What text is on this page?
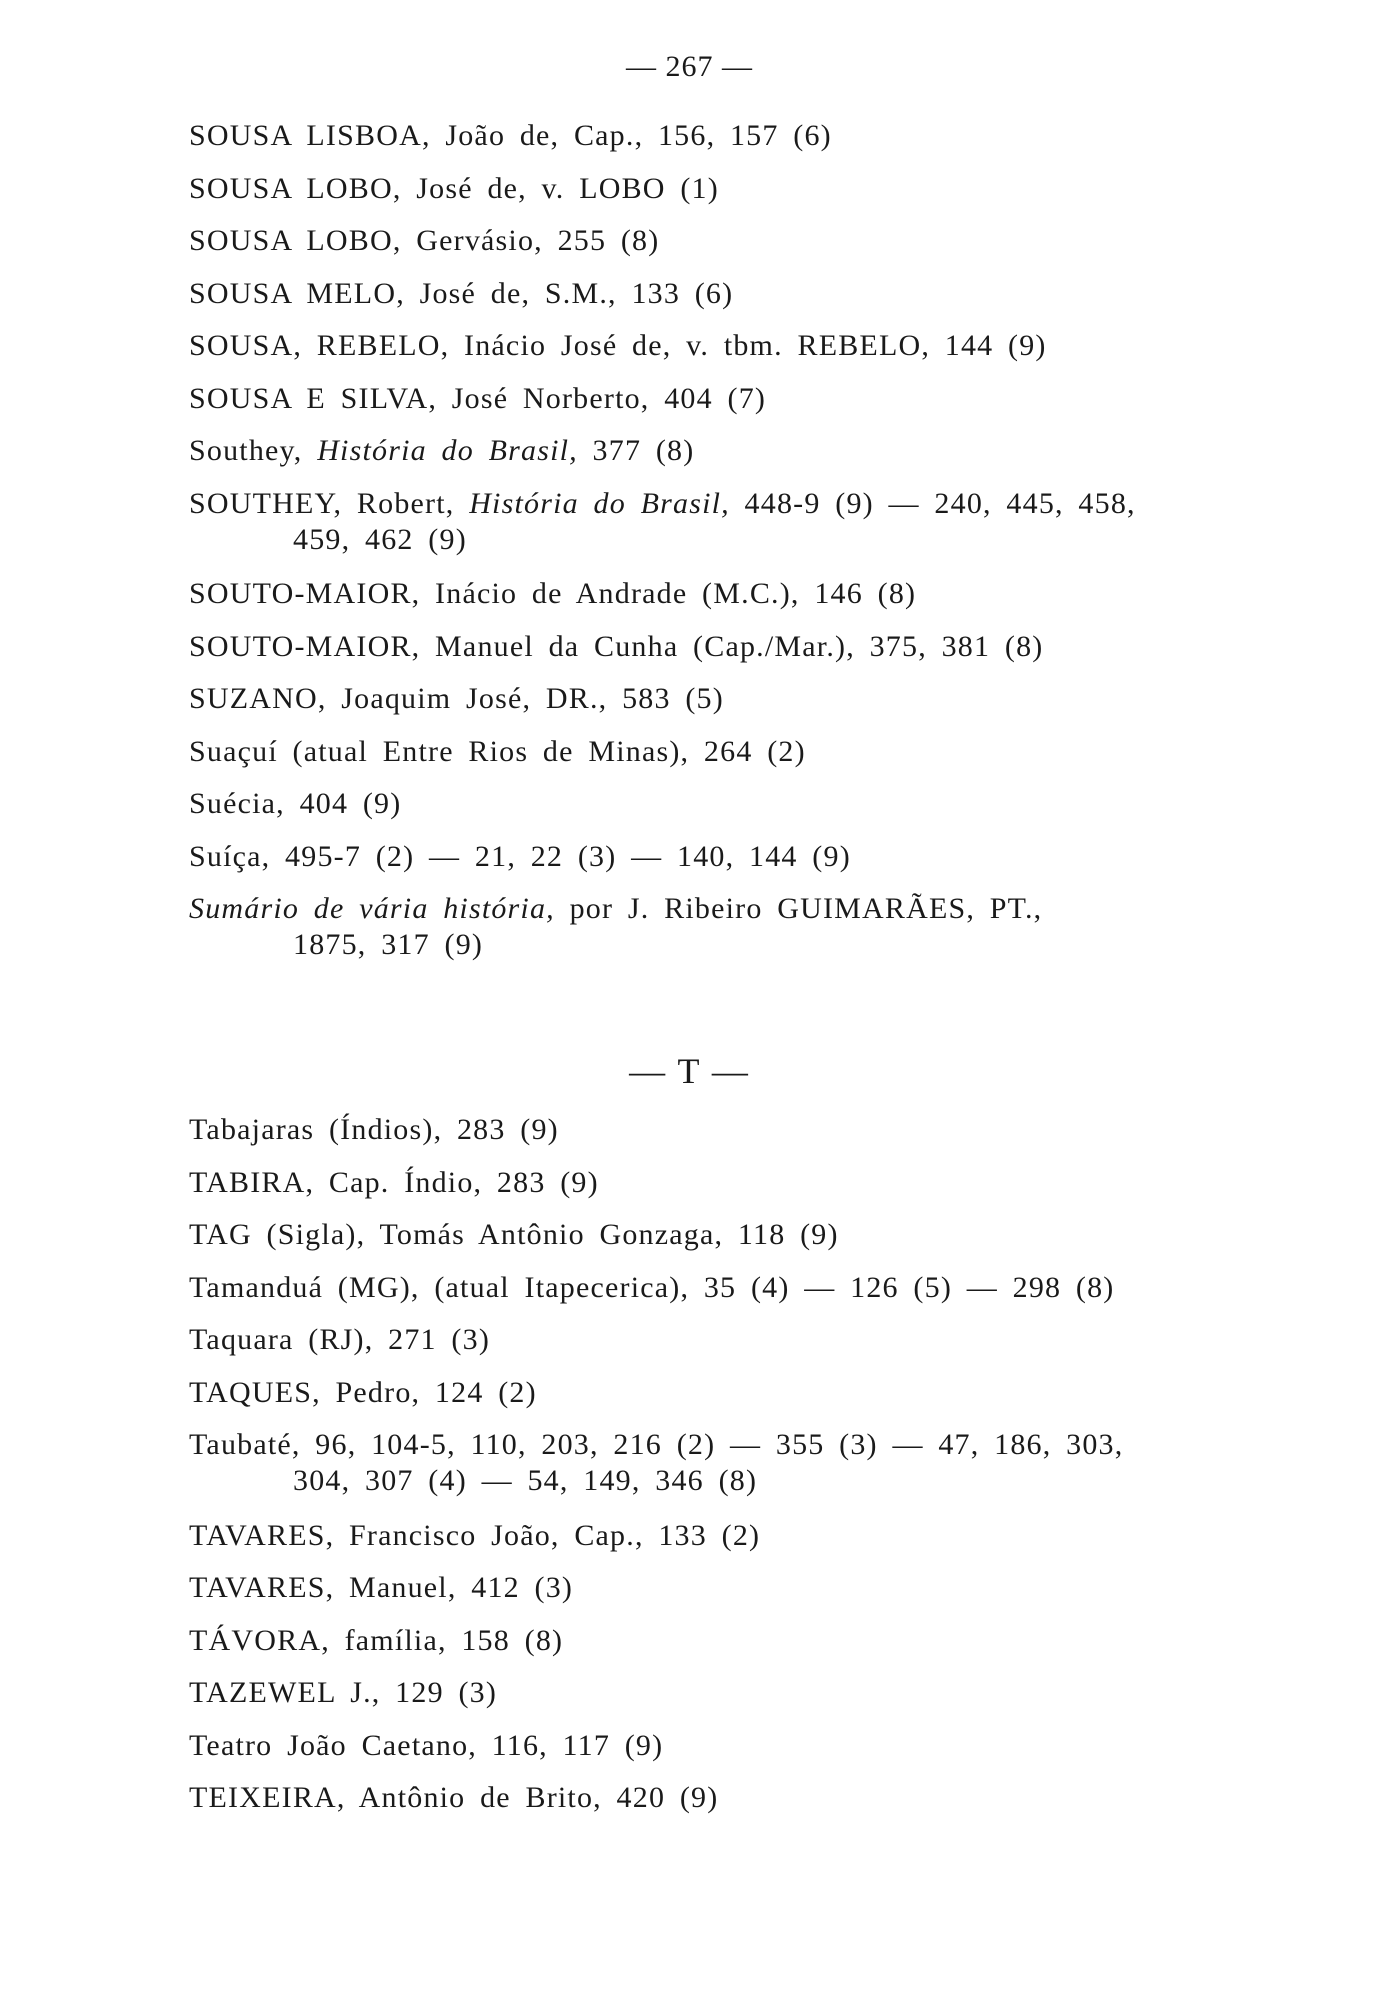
— 267 —

SOUSA LISBOA, João de, Cap., 156, 157 (6)

SOUSA LOBO, José de, v. LOBO (1)

SOUSA LOBO, Gervásio, 255 (8)

SOUSA MELO, José de, S.M., 133 (6)

SOUSA, REBELO, Inácio José de, v. tbm. REBELO, 144 (9)

SOUSA E SILVA, José Norberto, 404 (7)

Southey, História do Brasil, 377 (8)

SOUTHEY, Robert, História do Brasil, 448-9 (9) — 240, 445, 458,
459, 462 (9)

SOUTO-MAIOR, Inácio de Andrade (M.C.), 146 (8)

SOUTO-MAIOR, Manuel da Cunha (Cap./Mar.), 375, 381 (8)

SUZANO, Joaquim José, DR., 583 (5)

Suaçuí (atual Entre Rios de Minas), 264 (2)

Suécia, 404 (9)

Suíça, 495-7 (2) — 21, 22 (3) — 140, 144 (9)

Sumário de vária história, por J. Ribeiro GUIMARÃES, PT.,
1875, 317 (9)

— T —

Tabajaras (Índios), 283 (9)

TABIRA, Cap. Índio, 283 (9)

TAG (Sigla), Tomás Antônio Gonzaga, 118 (9)

Tamanduá (MG), (atual Itapecerica), 35 (4) — 126 (5) — 298 (8)

Taquara (RJ), 271 (3)

TAQUES, Pedro, 124 (2)

Taubaté, 96, 104-5, 110, 203, 216 (2) — 355 (3) — 47, 186, 303,
304, 307 (4) — 54, 149, 346 (8)

TAVARES, Francisco João, Cap., 133 (2)

TAVARES, Manuel, 412 (3)

TÁVORA, família, 158 (8)

TAZEWEL J., 129 (3)

Teatro João Caetano, 116, 117 (9)

TEIXEIRA, Antônio de Brito, 420 (9)
